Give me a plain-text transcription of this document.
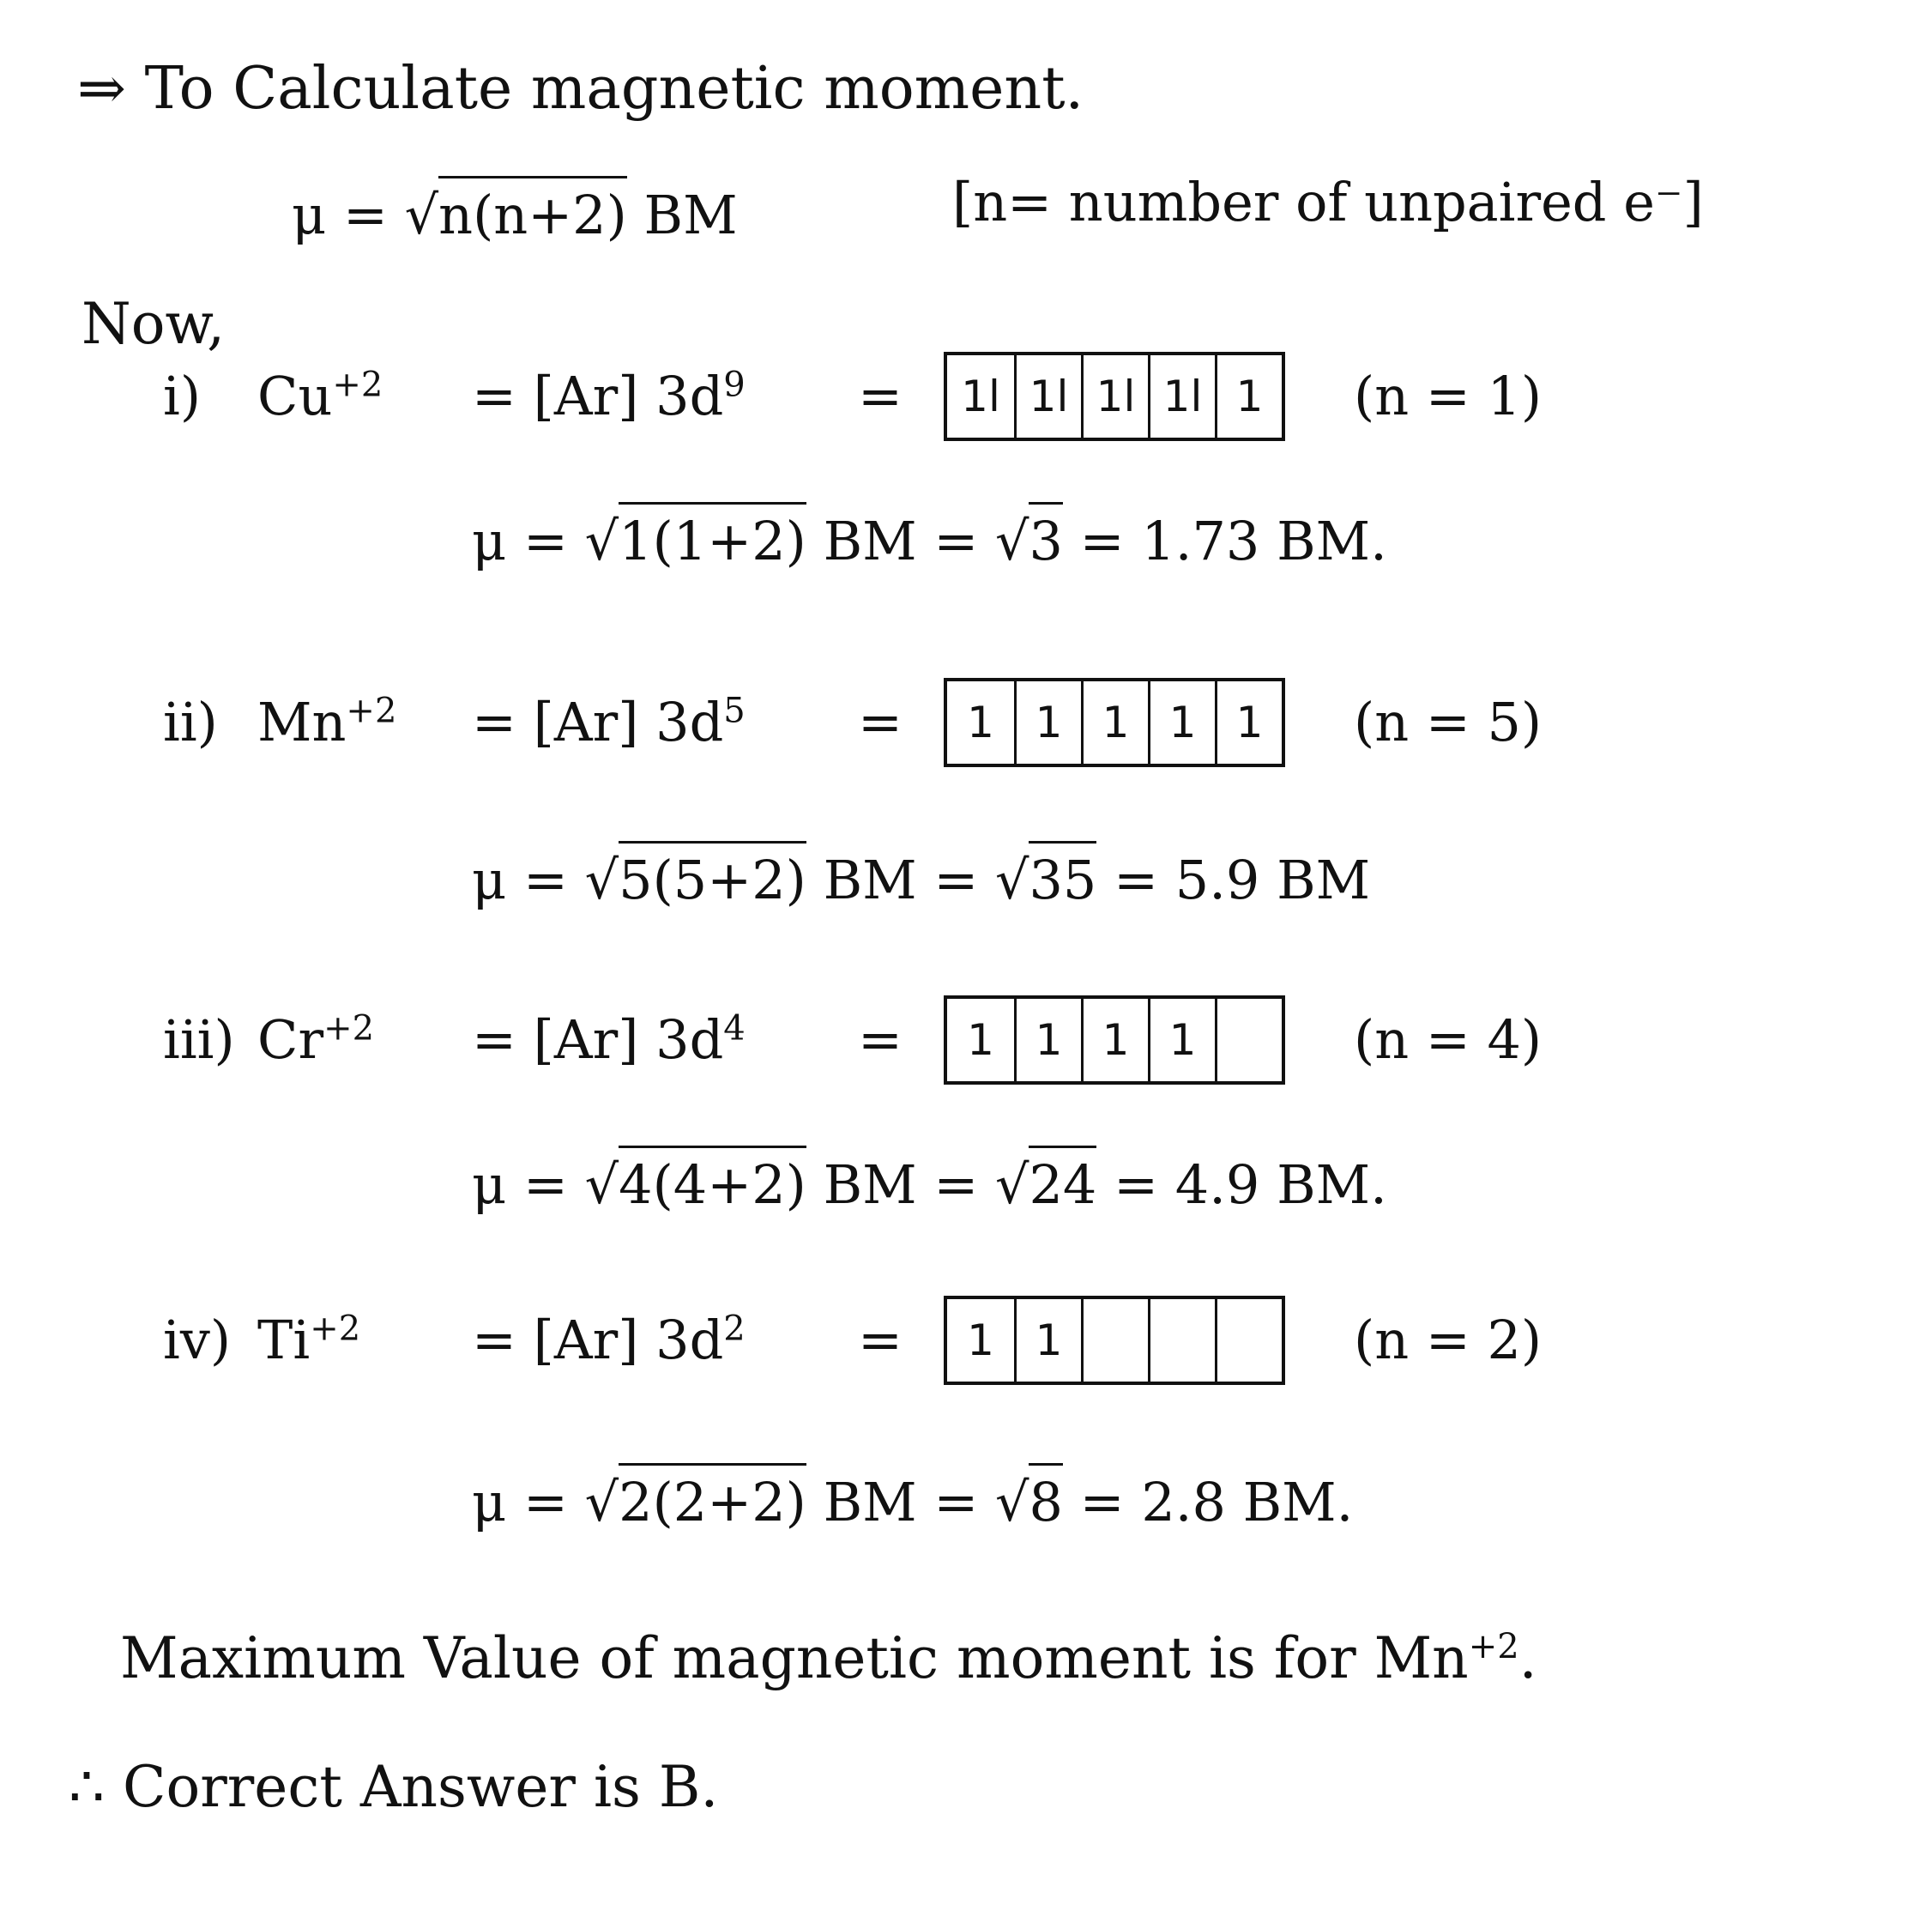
⇒ To Calculate magnetic moment.
μ = √n(n+2) BM	[n= number of unpaired e⁻]
Now,
i)	$Cu^{+2}$	= [Ar] $3d^9$	=	1l 1l 1l 1l 1	(n = 1)
μ = √1(1+2) BM = √3 = 1.73 BM.
ii) $Mn^{+2}$	= [Ar] $3d^5$	=	1 1 1 1 1	(n = 5)
μ = √5(5+2) BM = √35 = 5.9 BM
iii) $Cr^{+2}$	= [Ar] $3d^4$	=	1 1 1 1	(n = 4)
μ = √4(4+2) BM = √24 = 4.9 BM.
iv) $Ti^{+2}$	= [Ar] $3d^2$	=	1 1	(n = 2)
μ = √2(2+2) BM = √8 = 2.8 BM.
Maximum Value of magnetic moment is for $Mn^{+2}$.
∴ Correct Answer is B.
